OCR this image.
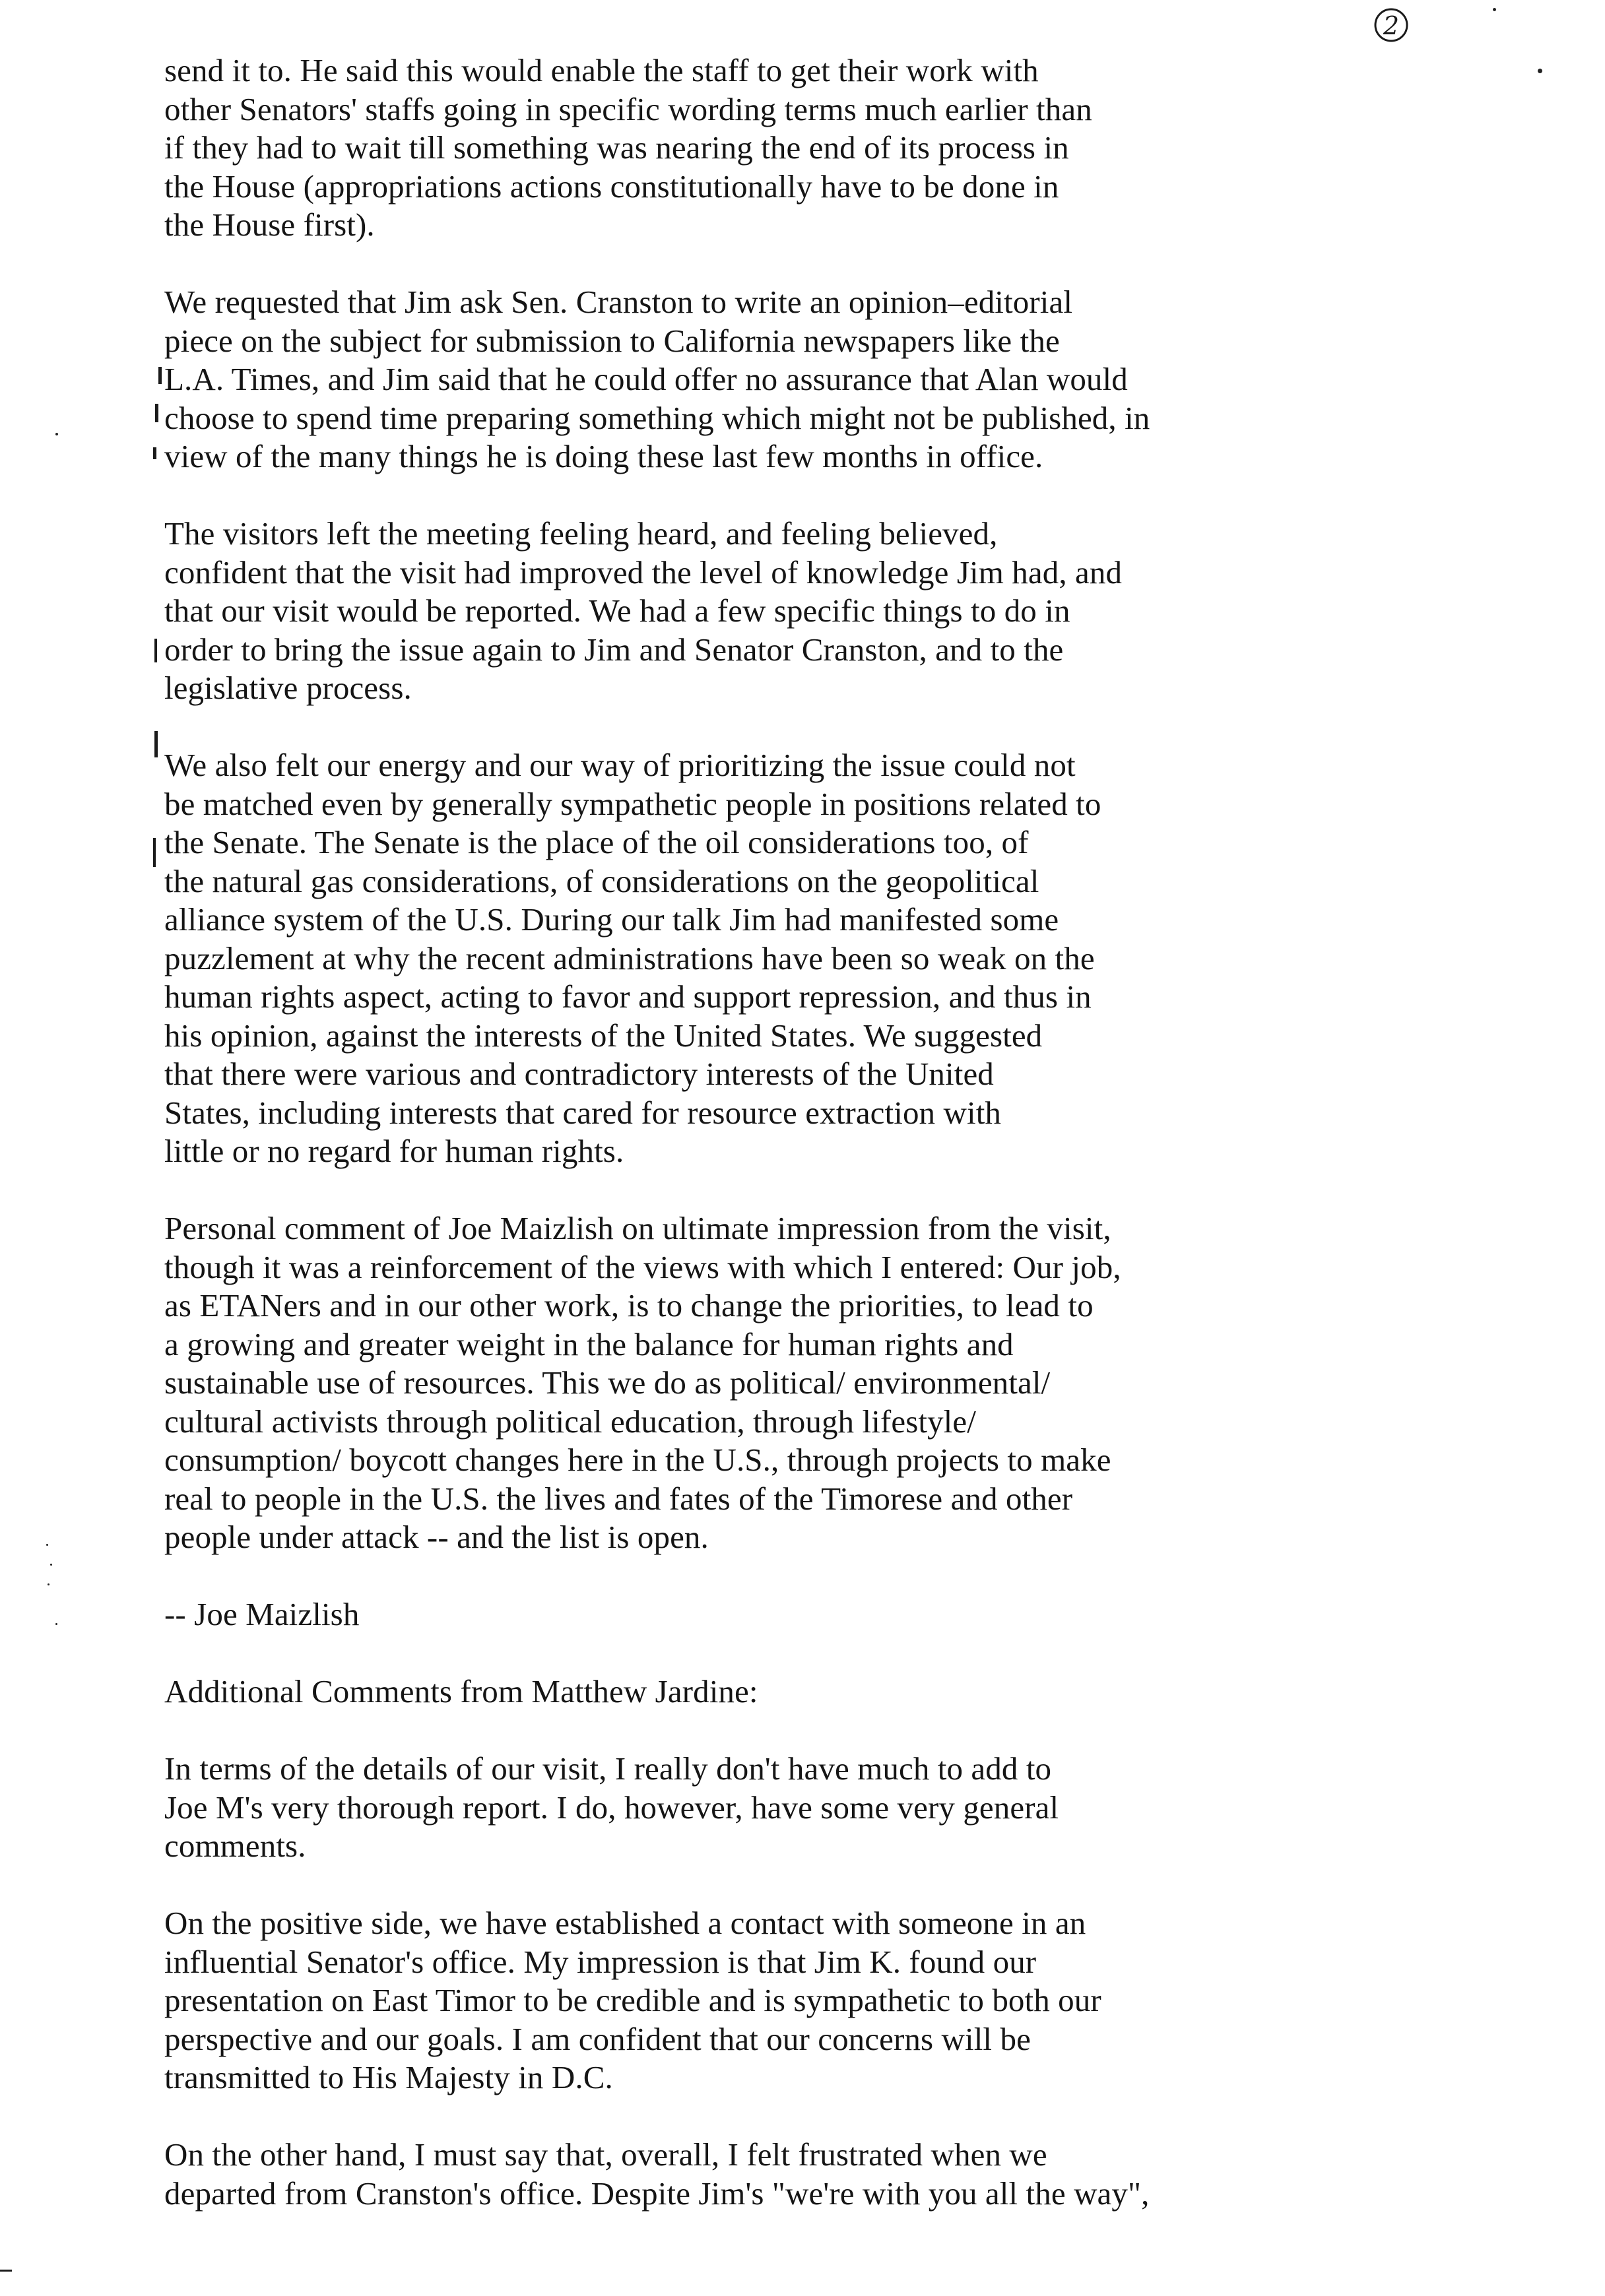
2
send it to. He said this would enable the staff to get their work with
other Senators' staffs going in specific wording terms much earlier than
if they had to wait till something was nearing the end of its process in
the House (appropriations actions constitutionally have to be done in
the House first).
We requested that Jim ask Sen. Cranston to write an opinion–editorial
piece on the subject for submission to California newspapers like the
L.A. Times, and Jim said that he could offer no assurance that Alan would
choose to spend time preparing something which might not be published, in
view of the many things he is doing these last few months in office.
The visitors left the meeting feeling heard, and feeling believed,
confident that the visit had improved the level of knowledge Jim had, and
that our visit would be reported. We had a few specific things to do in
order to bring the issue again to Jim and Senator Cranston, and to the
legislative process.
We also felt our energy and our way of prioritizing the issue could not
be matched even by generally sympathetic people in positions related to
the Senate. The Senate is the place of the oil considerations too, of
the natural gas considerations, of considerations on the geopolitical
alliance system of the U.S. During our talk Jim had manifested some
puzzlement at why the recent administrations have been so weak on the
human rights aspect, acting to favor and support repression, and thus in
his opinion, against the interests of the United States. We suggested
that there were various and contradictory interests of the United
States, including interests that cared for resource extraction with
little or no regard for human rights.
Personal comment of Joe Maizlish on ultimate impression from the visit,
though it was a reinforcement of the views with which I entered: Our job,
as ETANers and in our other work, is to change the priorities, to lead to
a growing and greater weight in the balance for human rights and
sustainable use of resources. This we do as political/ environmental/
cultural activists through political education, through lifestyle/
consumption/ boycott changes here in the U.S., through projects to make
real to people in the U.S. the lives and fates of the Timorese and other
people under attack -- and the list is open.
-- Joe Maizlish
Additional Comments from Matthew Jardine:
In terms of the details of our visit, I really don't have much to add to
Joe M's very thorough report. I do, however, have some very general
comments.
On the positive side, we have established a contact with someone in an
influential Senator's office. My impression is that Jim K. found our
presentation on East Timor to be credible and is sympathetic to both our
perspective and our goals. I am confident that our concerns will be
transmitted to His Majesty in D.C.
On the other hand, I must say that, overall, I felt frustrated when we
departed from Cranston's office. Despite Jim's "we're with you all the way",
